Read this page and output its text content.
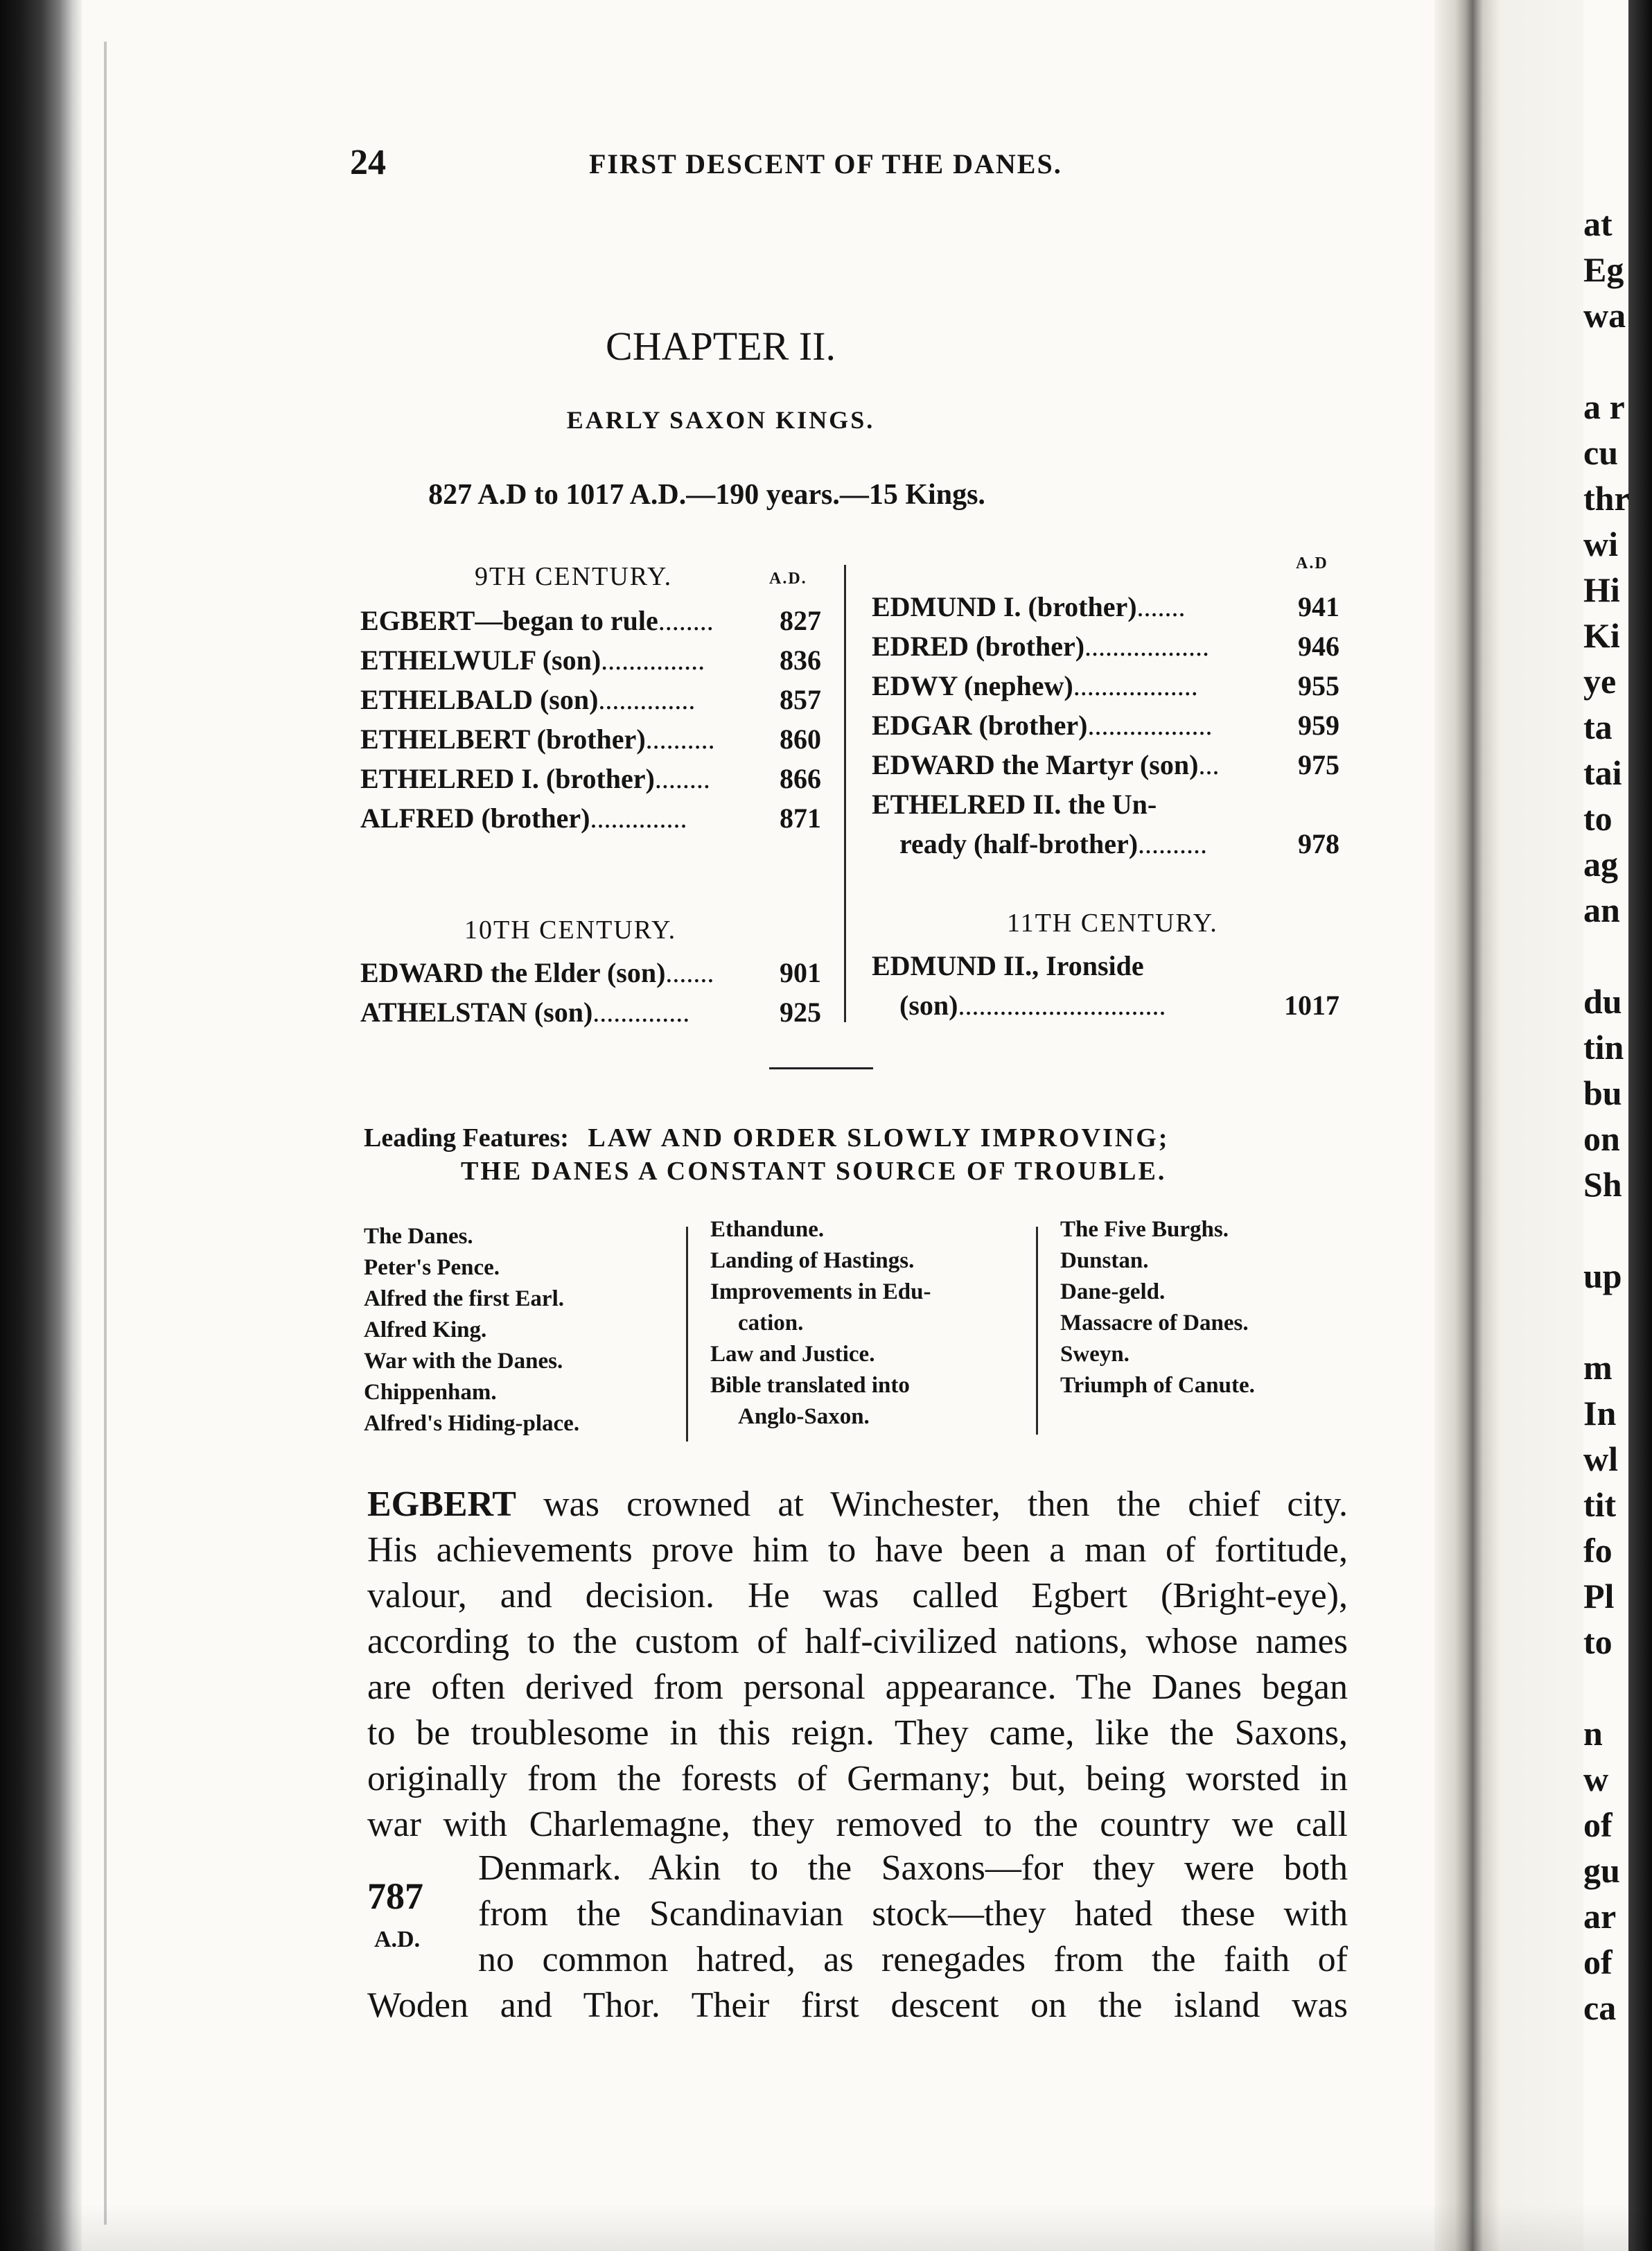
24	FIRST DESCENT OF THE DANES.
CHAPTER II.
EARLY SAXON KINGS.
827 A.D to 1017 A.D.—190 years.—15 Kings.
9TH CENTURY.	A.D.
EGBERT—began to rule........ 827
ETHELWULF (son)...............	836
ETHELBALD (son)..............	857
ETHELBERT (brother).......... 860
ETHELRED I. (brother)........	866
ALFRED (brother)..............	871
10TH CENTURY.
EDWARD the Elder (son)....... 901
ATHELSTAN (son)..............	925
A.D
EDMUND I. (brother).......	941
EDRED (brother)..................	946
EDWY (nephew)..................	955
EDGAR (brother)..................	959
EDWARD the Martyr (son)...	975
ETHELRED II. the Un-
ready (half-brother)..........	978
11TH CENTURY.
EDMUND II., Ironside
(son)..............................	1017
Leading Features: LAW AND ORDER SLOWLY IMPROVING;
THE DANES A CONSTANT SOURCE OF TROUBLE.
The Danes.
Peter's Pence.
Alfred the first Earl.
Alfred King.
War with the Danes.
Chippenham.
Alfred's Hiding-place.
Ethandune.
Landing of Hastings.
Improvements in Edu-
cation.
Law and Justice.
Bible translated into
Anglo-Saxon.
The Five Burghs.
Dunstan.
Dane-geld.
Massacre of Danes.
Sweyn.
Triumph of Canute.
EGBERT was crowned at Winchester, then the chief city.
His achievements prove him to have been a man of fortitude,
valour, and decision. He was called Egbert (Bright-eye),
according to the custom of half-civilized nations, whose names
are often derived from personal appearance. The Danes began
to be troublesome in this reign. They came, like the Saxons,
originally from the forests of Germany; but, being worsted in
war with Charlemagne, they removed to the country we call
787
A.D.
Denmark. Akin to the Saxons—for they were both
from the Scandinavian stock—they hated these with
no common hatred, as renegades from the faith of
Woden and Thor. Their first descent on the island was
at
Eg
wa
a r
cu
thr
wi
Hi
Ki
ye
ta
tai
to
ag
an
du
tin
bu
on
Sh
up
m
In
wl
tit
fo
Pl
to
n
w
of
gu
ar
of
ca
